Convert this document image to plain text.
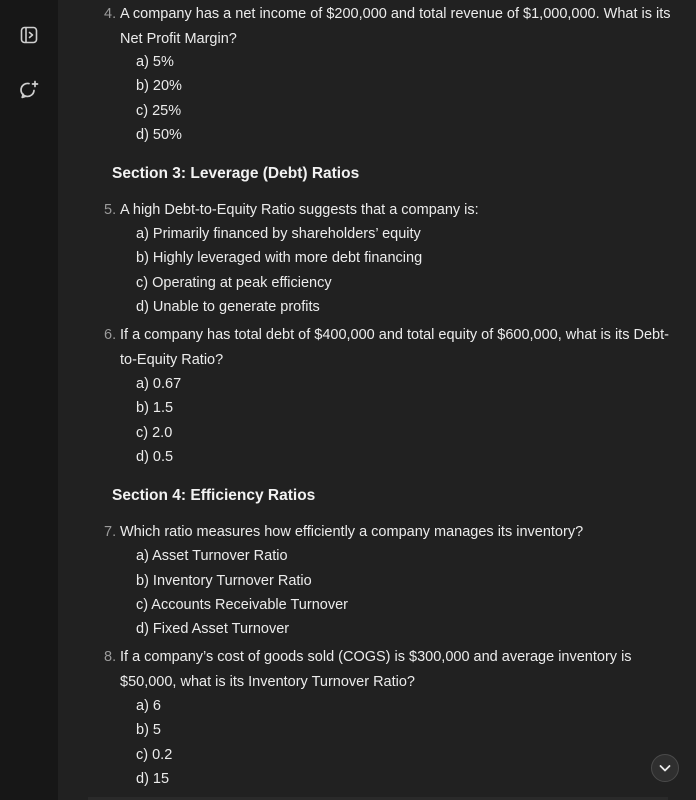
4. A company has a net income of $200,000 and total revenue of $1,000,000. What is its Net Profit Margin?
a) 5%
b) 20%
c) 25%
d) 50%
Section 3: Leverage (Debt) Ratios
5. A high Debt-to-Equity Ratio suggests that a company is:
a) Primarily financed by shareholders’ equity
b) Highly leveraged with more debt financing
c) Operating at peak efficiency
d) Unable to generate profits
6. If a company has total debt of $400,000 and total equity of $600,000, what is its Debt-to-Equity Ratio?
a) 0.67
b) 1.5
c) 2.0
d) 0.5
Section 4: Efficiency Ratios
7. Which ratio measures how efficiently a company manages its inventory?
a) Asset Turnover Ratio
b) Inventory Turnover Ratio
c) Accounts Receivable Turnover
d) Fixed Asset Turnover
8. If a company’s cost of goods sold (COGS) is $300,000 and average inventory is $50,000, what is its Inventory Turnover Ratio?
a) 6
b) 5
c) 0.2
d) 15
